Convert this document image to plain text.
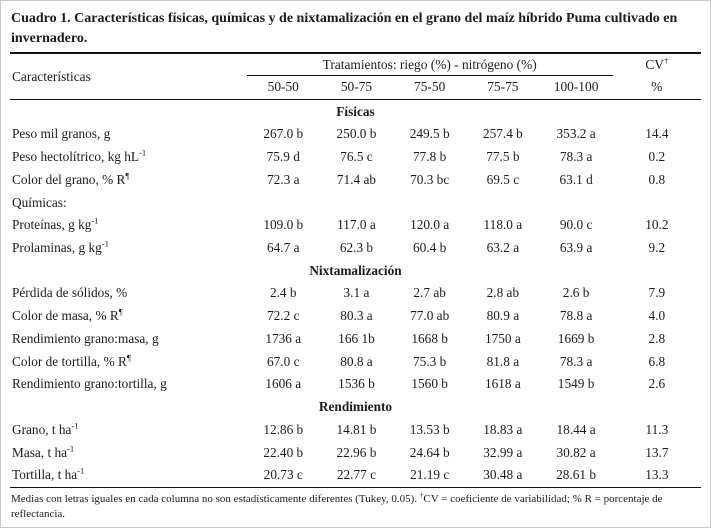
Cuadro 1. Características físicas, químicas y de nixtamalización en el grano del maíz híbrido Puma cultivado en invernadero.
Características	Tratamientos: riego (%) - nitrógeno (%)					CV†
	50-50	50-75	75-50	75-75	100-100	%
Físicas						
Peso mil granos, g	267.0 b	250.0 b	249.5 b	257.4 b	353.2 a	14.4
Peso hectolítrico, kg $hL^{-1}$	75.9 d	76.5 c	77.8 b	77.5 b	78.3 a	0.2
Color del grano, % R¶	72.3 a	71.4 ab	70.3 bc	69.5 c	63.1 d	0.8
Químicas:						
Proteínas, g $kg^{-1}$	109.0 b	117.0 a	120.0 a	118.0 a	90.0 c	10.2
Prolaminas, g $kg^{-1}$	64.7 a	62.3 b	60.4 b	63.2 a	63.9 a	9.2
Nixtamalización						
Pérdida de sólidos, %	2.4 b	3.1 a	2.7 ab	2.8 ab	2.6 b	7.9
Color de masa, % R¶	72.2 c	80.3 a	77.0 ab	80.9 a	78.8 a	4.0
Rendimiento grano:masa, g	1736 a	166 1b	1668 b	1750 a	1669 b	2.8
Color de tortilla, % R¶	67.0 c	80.8 a	75.3 b	81.8 a	78.3 a	6.8
Rendimiento grano:tortilla, g	1606 a	1536 b	1560 b	1618 a	1549 b	2.6
Rendimiento						
Grano, t $ha^{-1}$	12.86 b	14.81 b	13.53 b	18.83 a	18.44 a	11.3
Masa, t $ha^{-1}$	22.40 b	22.96 b	24.64 b	32.99 a	30.82 a	13.7
Tortilla, t $ha^{-1}$	20.73 c	22.77 c	21.19 c	30.48 a	28.61 b	13.3
Medias con letras iguales en cada columna no son estadísticamente diferentes (Tukey, 0.05). †CV = coeficiente de variabilidad; % R = porcentaje de reflectancia.
